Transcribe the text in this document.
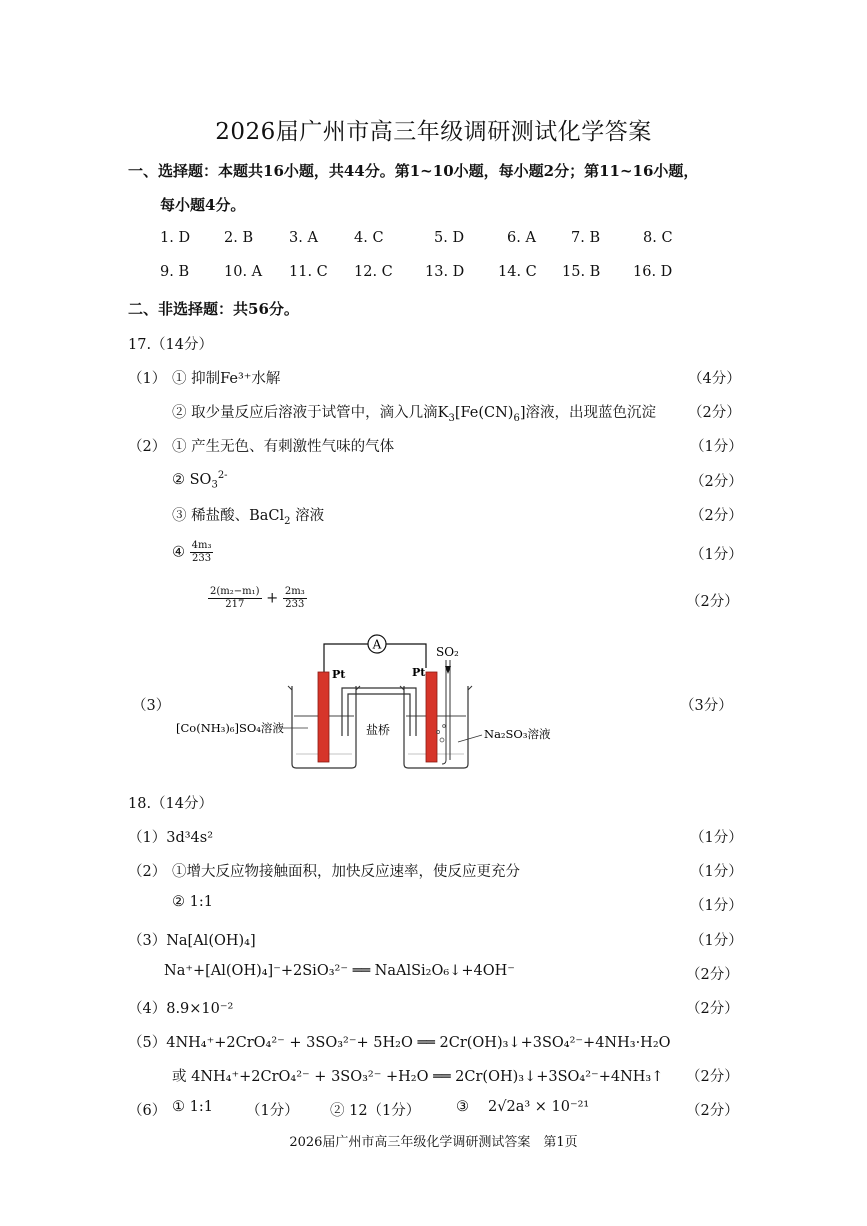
2026届广州市高三年级调研测试化学答案
一、选择题：本题共16小题，共44分。第1~10小题，每小题2分；第11~16小题，
每小题4分。
1. D 2. B 3. A 4. C	5. D	6. A 7. B	8. C
9. B 10. A 11. C 12. C 13. D 14. C 15. B 16. D
二、非选择题：共56分。
17.（14分）
（1） ① 抑制Fe³⁺水解	（4分）
② 取少量反应后溶液于试管中，滴入几滴$K_3[Fe(CN)_6]$溶液，出现蓝色沉淀 （2分）
（2） ① 产生无色、有刺激性气味的气体	（1分）
② $SO_3^{2-}$	（2分）
③ 稀盐酸、BaCl$_2$ 溶液	（2分）
④ $\frac{\text{4m₃}}{233}$	（1分）
$\frac{\text{2(m₂−m₁)}}{217} + \frac{\text{2m₃}}{233}$	（2分）
（3）	（3分）
A
盐桥
Pt	Pt
SO₂
[Co(NH₃)₆]SO₄溶液	Na₂SO₃溶液
18.（14分）
（1）3d³4s²	（1分）
（2） ①增大反应物接触面积，加快反应速率，使反应更充分	（1分）
② 1:1	（1分）
（3）Na[Al(OH)₄]	（1分）
Na⁺+[Al(OH)₄]⁻+2SiO₃²⁻ ══ NaAlSi₂O₆↓+4OH⁻	（2分）
（4）8.9×10⁻²	（2分）
（5）4NH₄⁺+2CrO₄²⁻ + 3SO₃²⁻+ 5H₂O ══ 2Cr(OH)₃↓+3SO₄²⁻+4NH₃·H₂O
或 4NH₄⁺+2CrO₄²⁻ + 3SO₃²⁻ +H₂O ══ 2Cr(OH)₃↓+3SO₄²⁻+4NH₃↑ （2分）
（6） ① 1:1 （1分） ② 12（1分） ③ 2√2a³ × 10⁻²¹	（2分）
2026届广州市高三年级化学调研测试答案　第1页
